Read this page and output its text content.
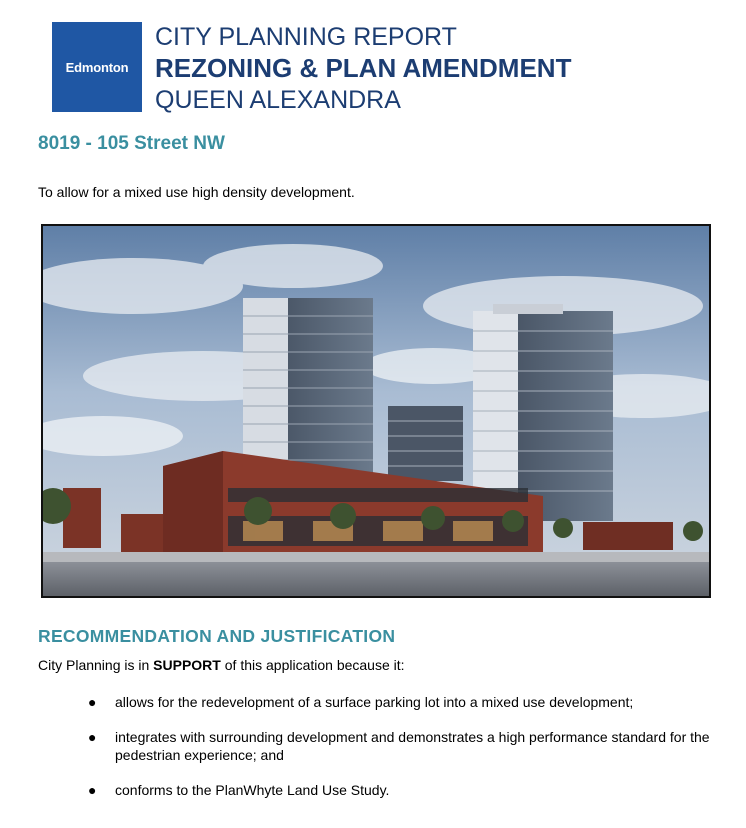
Edmonton
CITY PLANNING REPORT
REZONING & PLAN AMENDMENT
QUEEN ALEXANDRA
8019 - 105 Street NW
To allow for a mixed use high density development.
RECOMMENDATION AND JUSTIFICATION
City Planning is in SUPPORT of this application because it:
● allows for the redevelopment of a surface parking lot into a mixed use development;
● integrates with surrounding development and demonstrates a high performance standard for the pedestrian experience; and
● conforms to the PlanWhyte Land Use Study.
